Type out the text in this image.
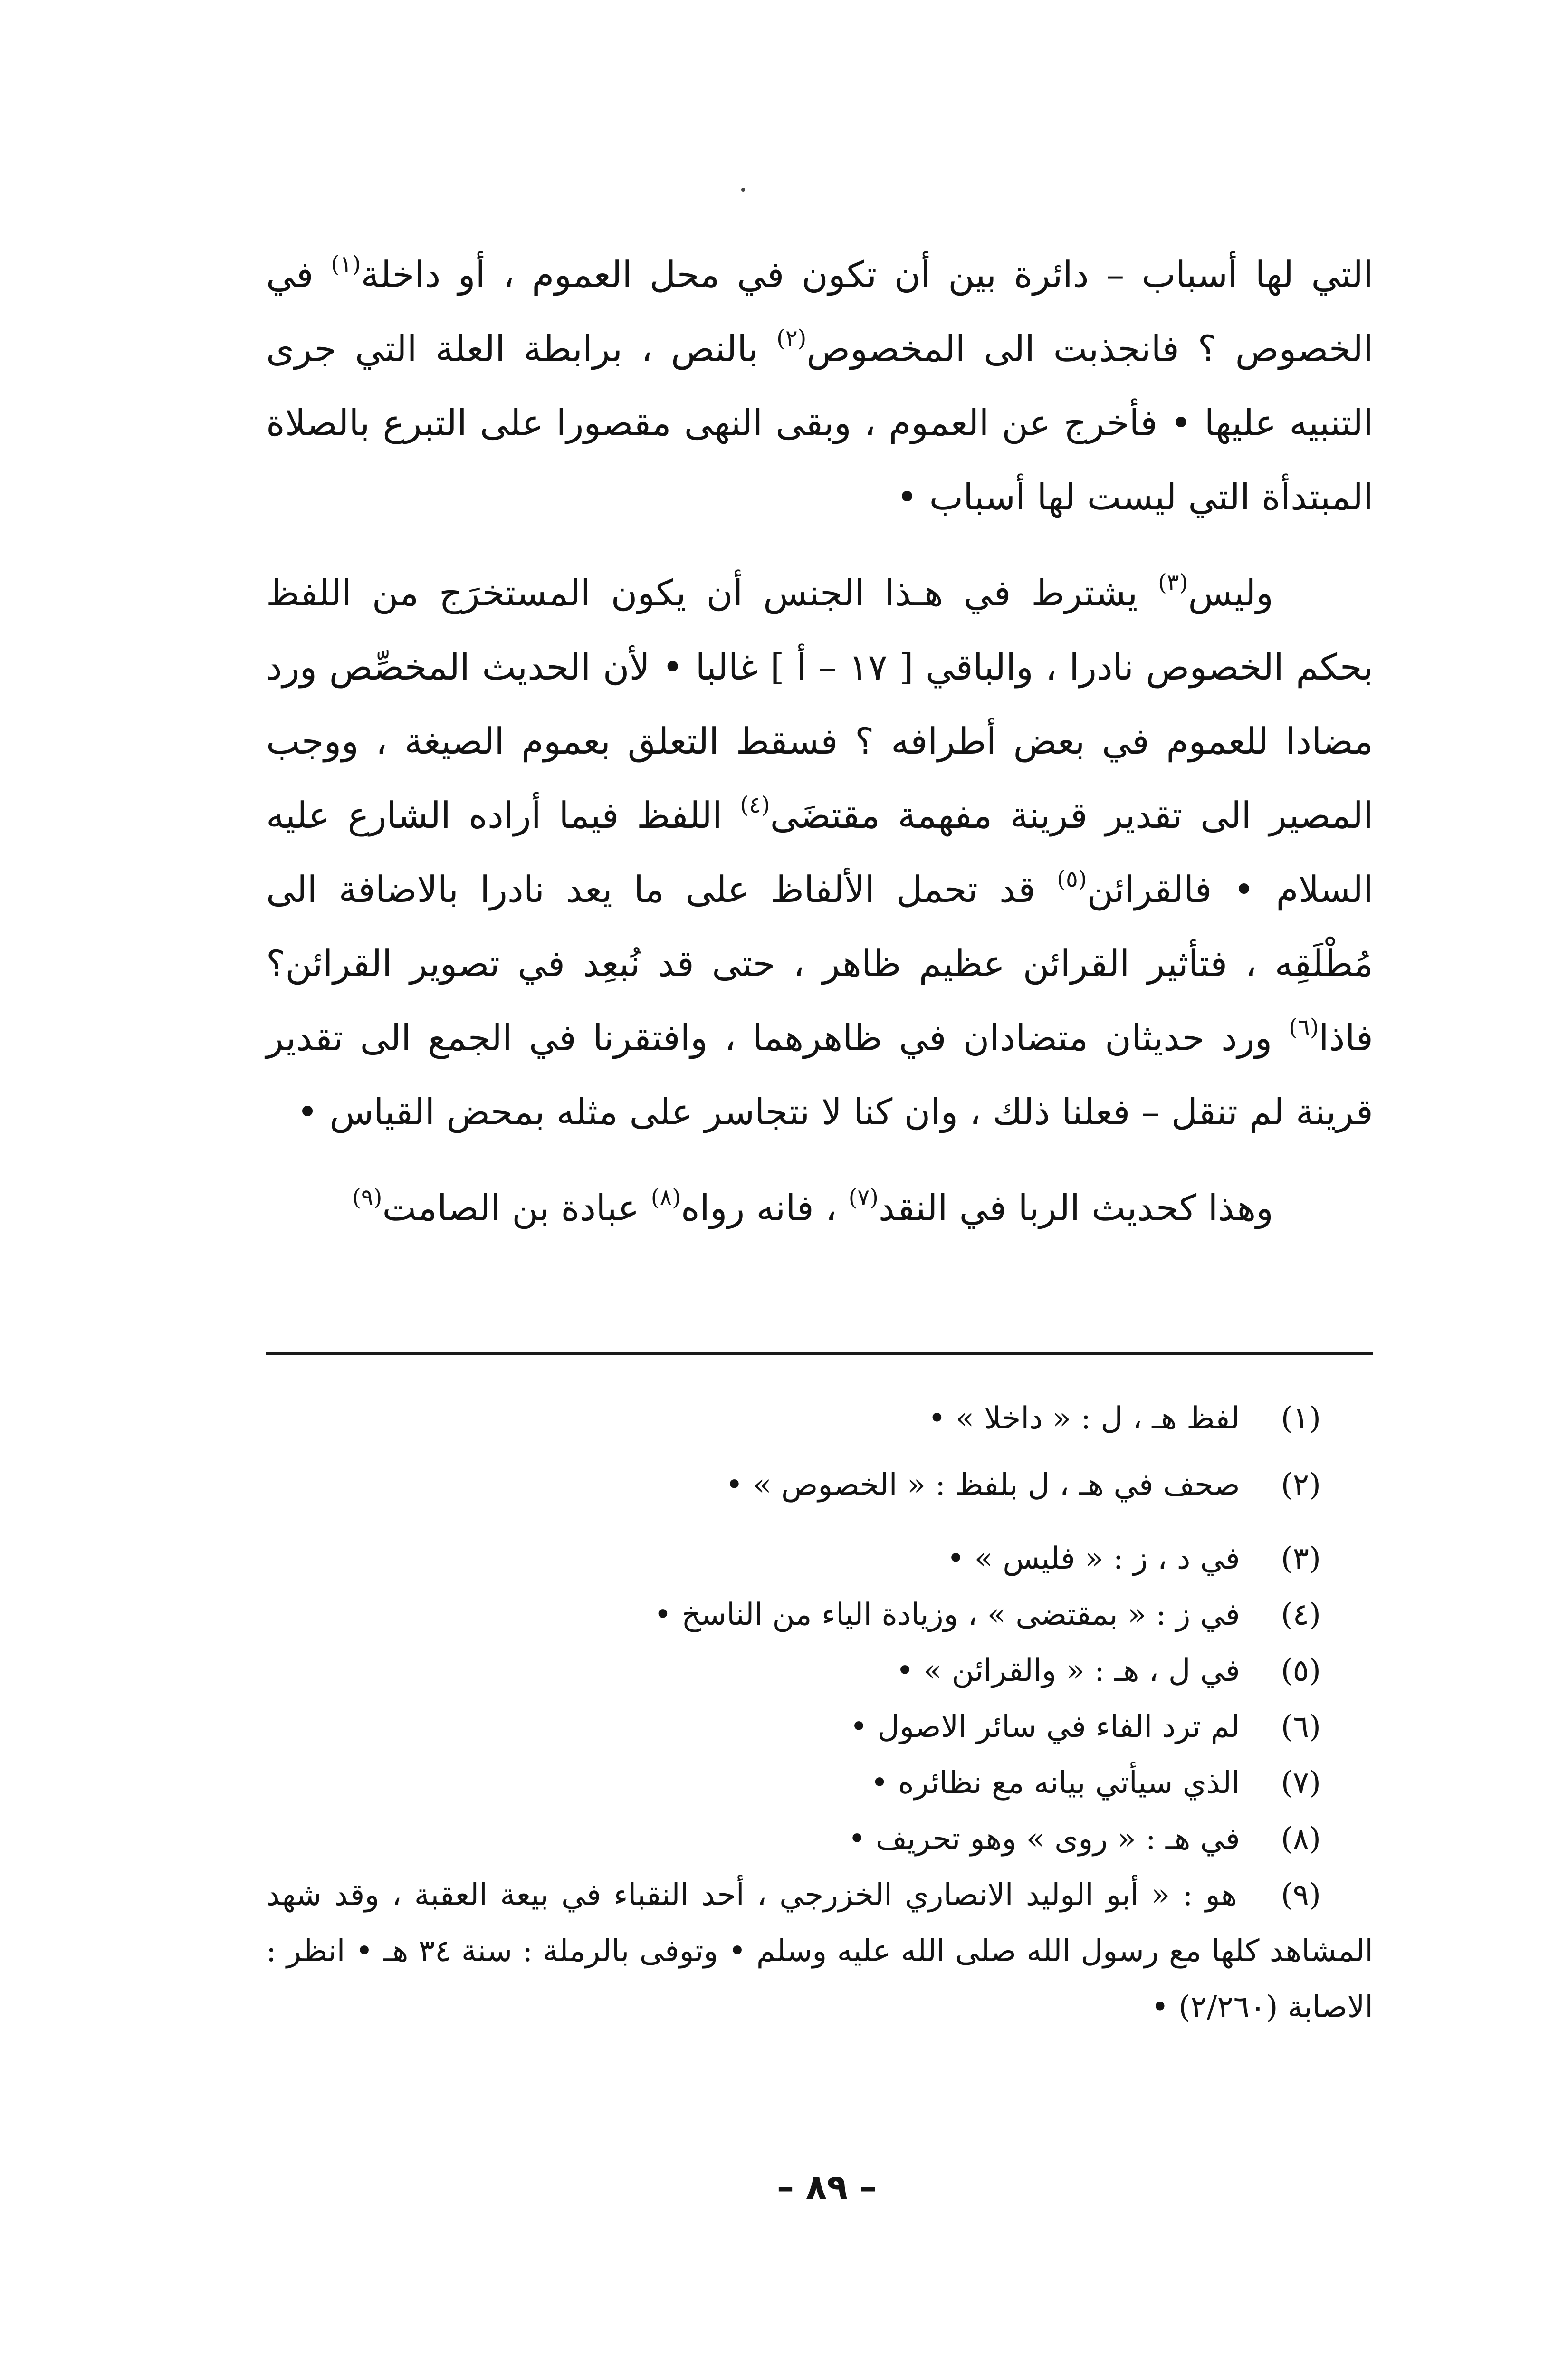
التي لها أسباب – دائرة بين أن تكون في محل العموم ، أو داخلة$^{(١)}$ في الخصوص ؟ فانجذبت الى المخصوص$^{(٢)}$ بالنص ، برابطة العلة التي جرى التنبيه عليها • فأخرج عن العموم ، وبقى النهى مقصورا على التبرع بالصلاة المبتدأة التي ليست لها أسباب •

وليس$^{(٣)}$ يشترط في هـذا الجنس أن يكون المستخرَج من اللفظ بحكم الخصوص نادرا ، والباقي [ ١٧ – أ ] غالبا • لأن الحديث المخصِّص ورد مضادا للعموم في بعض أطرافه ؟ فسقط التعلق بعموم الصيغة ، ووجب المصير الى تقدير قرينة مفهمة مقتضَى$^{(٤)}$ اللفظ فيما أراده الشارع عليه السلام • فالقرائن$^{(٥)}$ قد تحمل الألفاظ على ما يعد نادرا بالاضافة الى مُطْلَقِه ، فتأثير القرائن عظيم ظاهر ، حتى قد نُبعِد في تصوير القرائن؟ فاذا$^{(٦)}$ ورد حديثان متضادان في ظاهرهما ، وافتقرنا في الجمع الى تقدير قرينة لم تنقل – فعلنا ذلك ، وان كنا لا نتجاسر على مثله بمحض القياس •

وهذا كحديث الربا في النقد$^{(٧)}$ ، فانه رواه$^{(٨)}$ عبادة بن الصامت$^{(٩)}$

(١) لفظ هـ ، ل : « داخلا » •

(٢) صحف في هـ ، ل بلفظ : « الخصوص » •

(٣) في د ، ز : « فليس » •

(٤) في ز : « بمقتضى » ، وزيادة الياء من الناسخ •

(٥) في ل ، هـ : « والقرائن » •

(٦) لم ترد الفاء في سائر الاصول •

(٧) الذي سيأتي بيانه مع نظائره •

(٨) في هـ : « روى » وهو تحريف •

(٩) هو : « أبو الوليد الانصاري الخزرجي ، أحد النقباء في بيعة العقبة ، وقد شهد المشاهد كلها مع رسول الله صلى الله عليه وسلم • وتوفى بالرملة : سنة ٣٤ هـ • انظر : الاصابة (٢/٢٦٠) •

– ٨٩ –
